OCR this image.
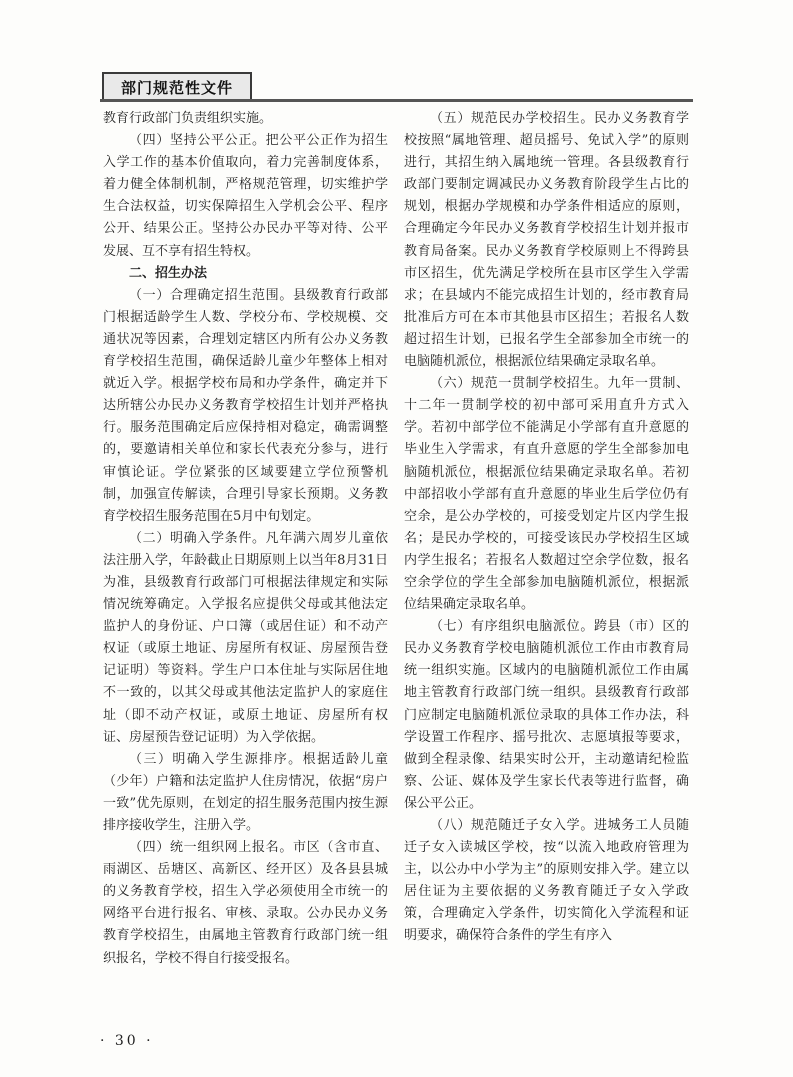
部门规范性文件

教育行政部门负责组织实施。

（四）坚持公平公正。把公平公正作为招生入学工作的基本价值取向，着力完善制度体系，着力健全体制机制，严格规范管理，切实维护学生合法权益，切实保障招生入学机会公平、程序公开、结果公正。坚持公办民办平等对待、公平发展、互不享有招生特权。

二、招生办法

（一）合理确定招生范围。县级教育行政部门根据适龄学生人数、学校分布、学校规模、交通状况等因素，合理划定辖区内所有公办义务教育学校招生范围，确保适龄儿童少年整体上相对就近入学。根据学校布局和办学条件，确定并下达所辖公办民办义务教育学校招生计划并严格执行。服务范围确定后应保持相对稳定，确需调整的，要邀请相关单位和家长代表充分参与，进行审慎论证。学位紧张的区域要建立学位预警机制，加强宣传解读，合理引导家长预期。义务教育学校招生服务范围在5月中旬划定。

（二）明确入学条件。凡年满六周岁儿童依法注册入学，年龄截止日期原则上以当年8月31日为准，县级教育行政部门可根据法律规定和实际情况统筹确定。入学报名应提供父母或其他法定监护人的身份证、户口簿（或居住证）和不动产权证（或原土地证、房屋所有权证、房屋预告登记证明）等资料。学生户口本住址与实际居住地不一致的，以其父母或其他法定监护人的家庭住址（即不动产权证，或原土地证、房屋所有权证、房屋预告登记证明）为入学依据。

（三）明确入学生源排序。根据适龄儿童（少年）户籍和法定监护人住房情况，依据“房户一致”优先原则，在划定的招生服务范围内按生源排序接收学生，注册入学。

（四）统一组织网上报名。市区（含市直、雨湖区、岳塘区、高新区、经开区）及各县县城的义务教育学校，招生入学必须使用全市统一的网络平台进行报名、审核、录取。公办民办义务教育学校招生，由属地主管教育行政部门统一组织报名，学校不得自行接受报名。

（五）规范民办学校招生。民办义务教育学校按照“属地管理、超员摇号、免试入学”的原则进行，其招生纳入属地统一管理。各县级教育行政部门要制定调减民办义务教育阶段学生占比的规划，根据办学规模和办学条件相适应的原则，合理确定今年民办义务教育学校招生计划并报市教育局备案。民办义务教育学校原则上不得跨县市区招生，优先满足学校所在县市区学生入学需求；在县域内不能完成招生计划的，经市教育局批准后方可在本市其他县市区招生；若报名人数超过招生计划，已报名学生全部参加全市统一的电脑随机派位，根据派位结果确定录取名单。

（六）规范一贯制学校招生。九年一贯制、十二年一贯制学校的初中部可采用直升方式入学。若初中部学位不能满足小学部有直升意愿的毕业生入学需求，有直升意愿的学生全部参加电脑随机派位，根据派位结果确定录取名单。若初中部招收小学部有直升意愿的毕业生后学位仍有空余，是公办学校的，可接受划定片区内学生报名；是民办学校的，可接受该民办学校招生区域内学生报名；若报名人数超过空余学位数，报名空余学位的学生全部参加电脑随机派位，根据派位结果确定录取名单。

（七）有序组织电脑派位。跨县（市）区的民办义务教育学校电脑随机派位工作由市教育局统一组织实施。区域内的电脑随机派位工作由属地主管教育行政部门统一组织。县级教育行政部门应制定电脑随机派位录取的具体工作办法，科学设置工作程序、摇号批次、志愿填报等要求，做到全程录像、结果实时公开，主动邀请纪检监察、公证、媒体及学生家长代表等进行监督，确保公平公正。

（八）规范随迁子女入学。进城务工人员随迁子女入读城区学校，按“以流入地政府管理为主，以公办中小学为主”的原则安排入学。建立以居住证为主要依据的义务教育随迁子女入学政策，合理确定入学条件，切实简化入学流程和证明要求，确保符合条件的学生有序入

· 30 ·
